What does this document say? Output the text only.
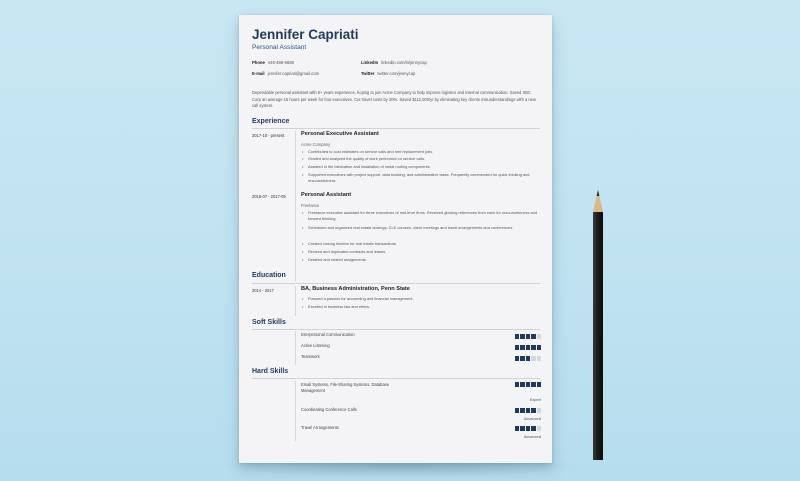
Jennifer Capriati
Personal Assistant
Phone 448-486-9688
E-mail jennifer.capriati@gmail.com
LinkedIn linkedin.com/in/jennycap
Twitter twitter.com/jennycap
Dependable personal assistant with 5+ years experience, hoping to join Acme Company to help improve logistics and internal communication. Saved XBC Corp an average 15 hours per week for four executives. Cut travel costs by 20%. Saved $112,000/yr by eliminating key clients misunderstandings with a new call system.
Experience
2017-10 - present	Personal Executive Assistant
Acme Company
• Contributed to cost estimates on service calls and rent replacement jobs.
• Graded and analyzed the quality of work performed on service calls.
• Assisted in the fabrication and installation of metal roofing components.
• Supported executives with project support, data tracking, and administrative tasks. Frequently commended for quick thinking and resourcefulness.
2016-07 - 2017-09	Personal Assistant
Freelance
• Freelance executive assistant for three executives of mid-level firms. Received glowing references from each for resourcefulness and forward thinking.
• Scheduled and organized real estate closings, CLE courses, client meetings and travel arrangements and conferences.
• Created closing binders for real estate transactions.
• Revised and duplicated contracts and leases.
• Detailed and related assignments.
Education
2014 - 2017	BA, Business Administration, Penn State
• Pursued a passion for accounting and financial management.
• Excelled in business law and ethics.
Soft Skills
Interpersonal Communication
Active Listening
Teamwork
Hard Skills
Email Systems, File-Sharing Systems, Database Management
Expert
Coordinating Conference Calls
Advanced
Travel Arrangements
Advanced
